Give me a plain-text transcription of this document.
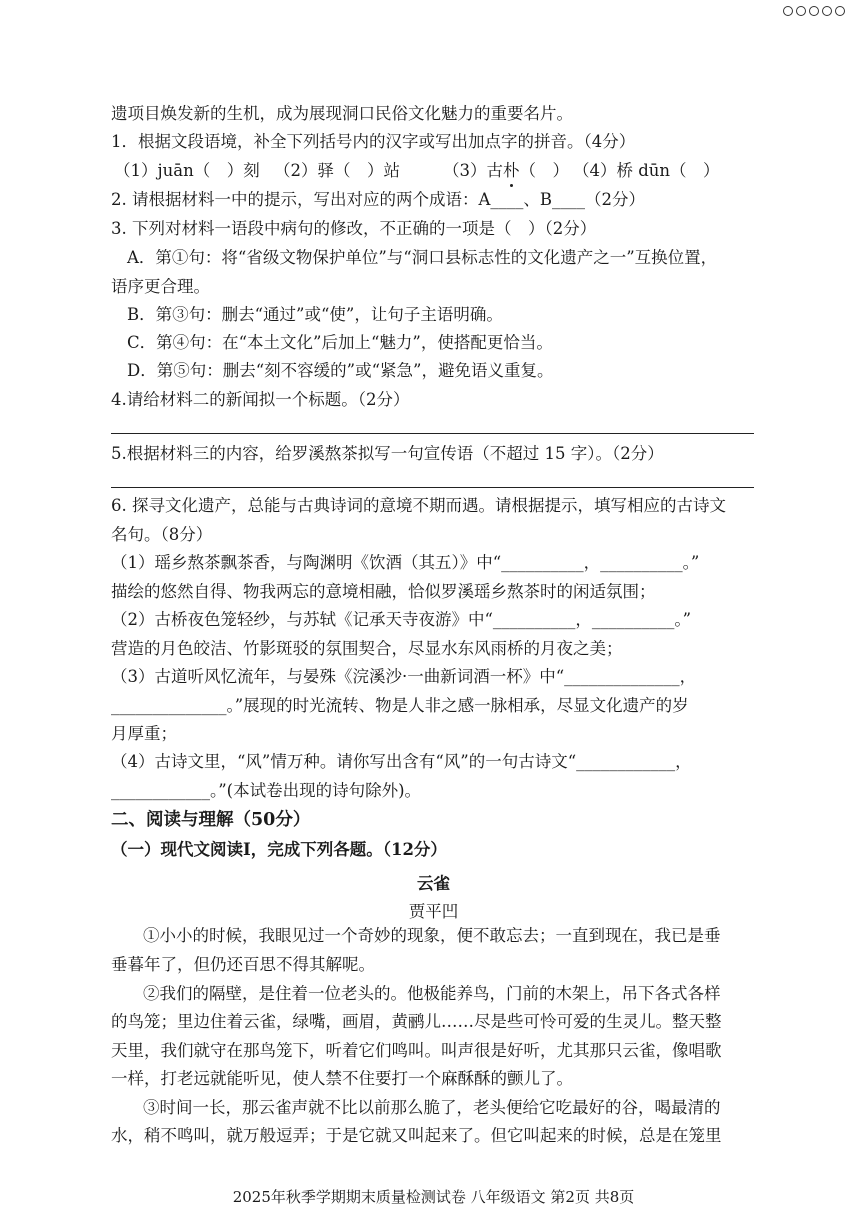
遗项目焕发新的生机，成为展现洞口民俗文化魅力的重要名片。
1．根据文段语境，补全下列括号内的汉字或写出加点字的拼音。（4分）
（1）juān（　）刻 （2）驿（　）站	（3）古朴（　） （4）桥 dūn（　）
2. 请根据材料一中的提示，写出对应的两个成语：A____、B____（2分）
3. 下列对材料一语段中病句的修改，不正确的一项是（　）（2分）
A．第①句：将“省级文物保护单位”与“洞口县标志性的文化遗产之一”互换位置，
语序更合理。
B．第③句：删去“通过”或“使”，让句子主语明确。
C．第④句：在“本土文化”后加上“魅力”，使搭配更恰当。
D．第⑤句：删去“刻不容缓的”或“紧急”，避免语义重复。
4.请给材料二的新闻拟一个标题。（2分）
5.根据材料三的内容，给罗溪熬茶拟写一句宣传语（不超过 15 字）。（2分）
6. 探寻文化遗产，总能与古典诗词的意境不期而遇。请根据提示，填写相应的古诗文
名句。（8分）
（1）瑶乡熬茶飘茶香，与陶渊明《饮酒（其五）》中“__________，__________。”
描绘的悠然自得、物我两忘的意境相融，恰似罗溪瑶乡熬茶时的闲适氛围；
（2）古桥夜色笼轻纱，与苏轼《记承天寺夜游》中“__________，__________。”
营造的月色皎洁、竹影斑驳的氛围契合，尽显水东风雨桥的月夜之美；
（3）古道听风忆流年，与晏殊《浣溪沙·一曲新词酒一杯》中“______________，
______________。”展现的时光流转、物是人非之感一脉相承，尽显文化遗产的岁
月厚重；
（4）古诗文里，“风”情万种。请你写出含有“风”的一句古诗文“____________，
____________。”(本试卷出现的诗句除外)。
二、阅读与理解（50分）
（一）现代文阅读Ⅰ，完成下列各题。（12分）
云雀
贾平凹
①小小的时候，我眼见过一个奇妙的现象，便不敢忘去；一直到现在，我已是垂
垂暮年了，但仍还百思不得其解呢。
②我们的隔壁，是住着一位老头的。他极能养鸟，门前的木架上，吊下各式各样
的鸟笼；里边住着云雀，绿嘴，画眉，黄鹂儿……尽是些可怜可爱的生灵儿。整天整
天里，我们就守在那鸟笼下，听着它们鸣叫。叫声很是好听，尤其那只云雀，像唱歌
一样，打老远就能听见，使人禁不住要打一个麻酥酥的颤儿了。
③时间一长，那云雀声就不比以前那么脆了，老头便给它吃最好的谷，喝最清的
水，稍不鸣叫，就万般逗弄；于是它就又叫起来了。但它叫起来的时候，总是在笼里
2025年秋季学期期末质量检测试卷 八年级语文 第2页 共8页
